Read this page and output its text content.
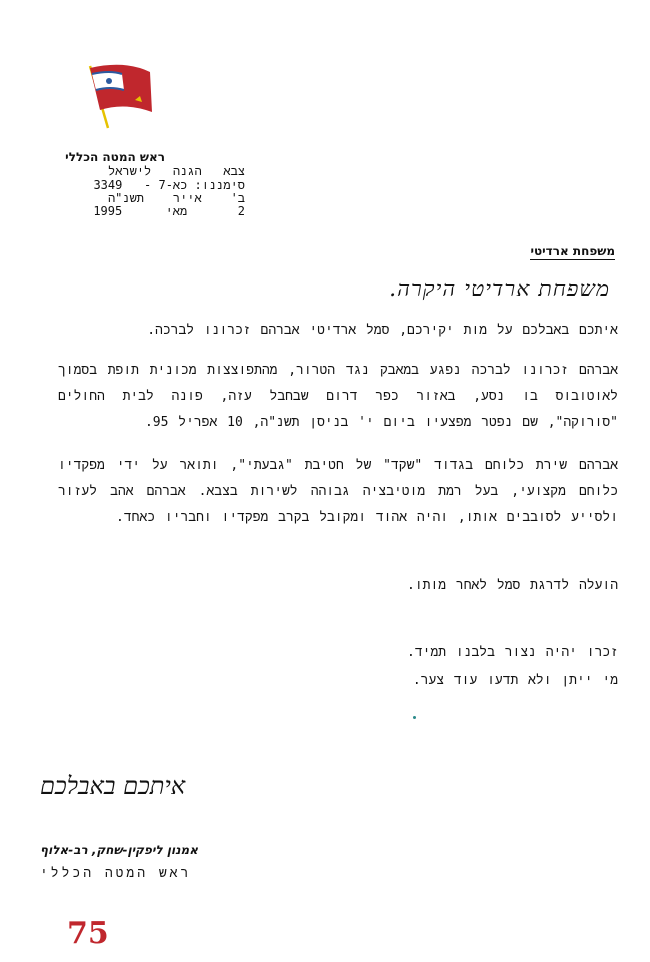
ראש המטה הכללי
צבא   הגנה   לישראל
סימננו: כא-7 -   3349
ב'    אייר    תשנ"ה
2       מאי      1995
משפחת ארדיטי
משפחת ארדיטי היקרה.
איתכם באבלכם על מות יקירכם, סמל ארדיטי אברהם זכרונו לברכה.
אברהם זכרונו לברכה נפגע במאבק נגד הטרור, מהתפוצצות מכונית תופת בסמוך לאוטובוס בו נסע, באזור כפר דרום שבחבל עזה, פונה לבית החולים "סורוקה", שם נפטר מפצעיו ביום י' בניסן תשנ"ה, 10 אפריל 95.
אברהם שירת כלוחם בגדוד "שקד" של חטיבת "גבעתי", ותואר על ידי מפקדיו כלוחם מקצועי, בעל רמת מוטיבציה גבוהה לשירות בצבא. אברהם אהב לעזור ולסייע לסובבים אותו, והיה אהוד ומקובל בקרב מפקדיו וחבריו כאחד.
הועלה לדרגת סמל לאחר מותו.
זכרו יהיה נצור בלבנו תמיד.
מי ייתן ולא תדעו עוד צער.
איתכם באבלכם
אמנון ליפקין-שחק, רב-אלוף
ראש המטה הכללי
75
